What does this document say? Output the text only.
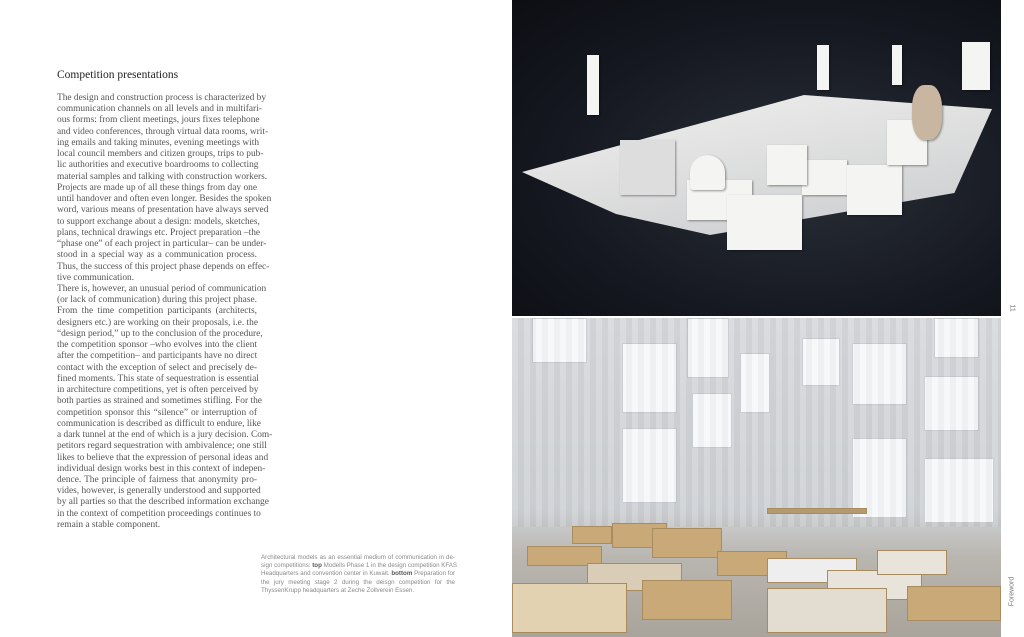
Competition presentations
The design and construction process is characterized by
communication channels on all levels and in multifari-
ous forms: from client meetings, jours fixes telephone
and video conferences, through virtual data rooms, writ-
ing emails and taking minutes, evening meetings with
local council members and citizen groups, trips to pub-
lic authorities and executive boardrooms to collecting
material samples and talking with construction workers.
Projects are made up of all these things from day one
until handover and often even longer. Besides the spoken
word, various means of presentation have always served
to support exchange about a design: models, sketches,
plans, technical drawings etc. Project preparation –the
“phase one” of each project in particular– can be under-
stood in a special way as a communication process.
Thus, the success of this project phase depends on effec-
tive communication.
There is, however, an unusual period of communication
(or lack of communication) during this project phase.
From the time competition participants (architects,
designers etc.) are working on their proposals, i.e. the
“design period,” up to the conclusion of the procedure,
the competition sponsor –who evolves into the client
after the competition– and participants have no direct
contact with the exception of select and precisely de-
fined moments. This state of sequestration is essential
in architecture competitions, yet is often perceived by
both parties as strained and sometimes stifling. For the
competition sponsor this “silence” or interruption of
communication is described as difficult to endure, like
a dark tunnel at the end of which is a jury decision. Com-
petitors regard sequestration with ambivalence; one still
likes to believe that the expression of personal ideas and
individual design works best in this context of indepen-
dence. The principle of fairness that anonymity pro-
vides, however, is generally understood and supported
by all parties so that the described information exchange
in the context of competition proceedings continues to
remain a stable component.
Architectural models as an essential medium of communication in de-
sign competitions: top Modells Phase 1 in the design competition KFAS
Headquarters and convention center in Kuwait. bottom Preparation for
the jury meeting stage 2 during the deisgn competition for the
ThyssenKrupp headquarters at Zeche Zollverein Essen.
11
Foreword
